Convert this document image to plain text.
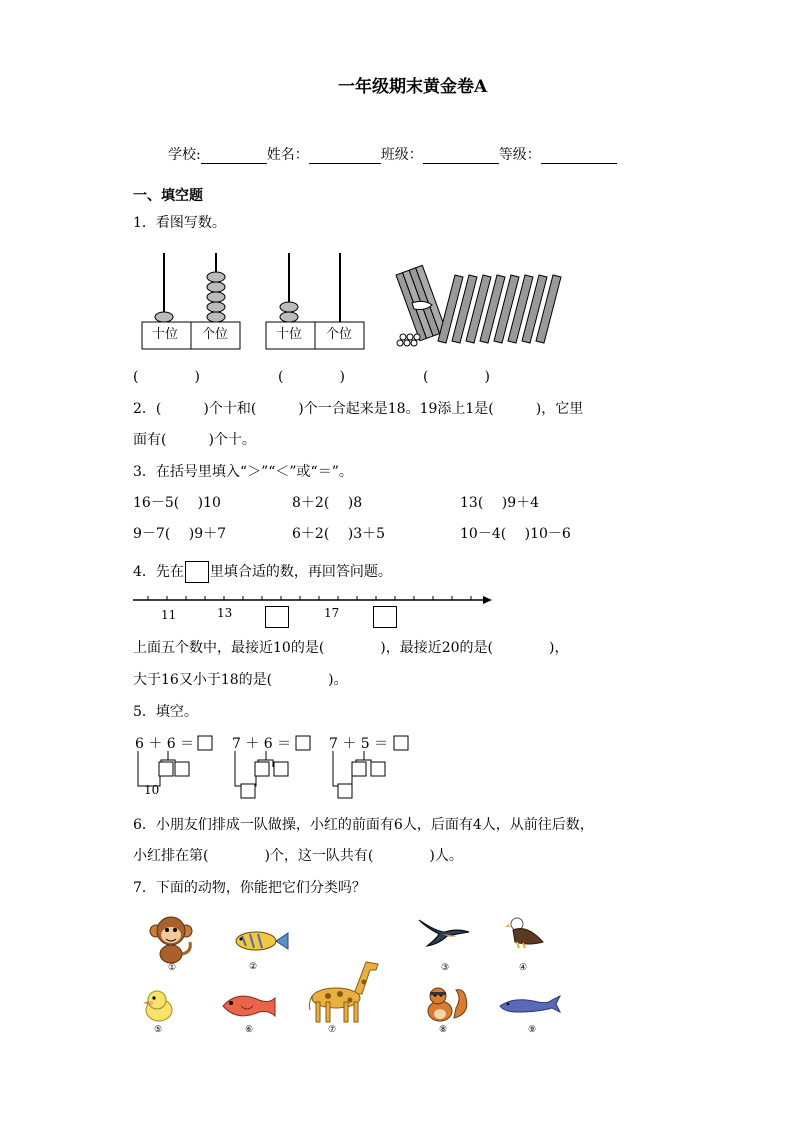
一年级期末黄金卷A
学校:	姓名：	班级：	等级：
一、填空题
1．看图写数。
十位 个位	十位 个位
(　　　　)	(　　　　)	(　　　　)
2．(　　　)个十和(　　　)个一合起来是18。19添上1是(　　　)，它里
面有(　　　)个十。
3．在括号里填入“＞”“＜”或“＝”。
16－5(　 )10	8＋2(　 )8	13(　 )9＋4
9－7(　 )9＋7	6＋2(　 )3＋5	10－4(　 )10－6
4．先在 里填合适的数，再回答问题。
11	13	17
上面五个数中，最接近10的是(　　　　)，最接近20的是(　　　　)，
大于16又小于18的是(　　　　)。
5．填空。
6 ＋ 6 ＝	7 ＋ 6 ＝	7 ＋ 5 ＝
10
6．小朋友们排成一队做操，小红的前面有6人，后面有4人，从前往后数，
小红排在第(　　　　)个，这一队共有(　　　　)人。
7．下面的动物，你能把它们分类吗？
①	②	③	④
⑤	⑥	⑦	⑧	⑨
